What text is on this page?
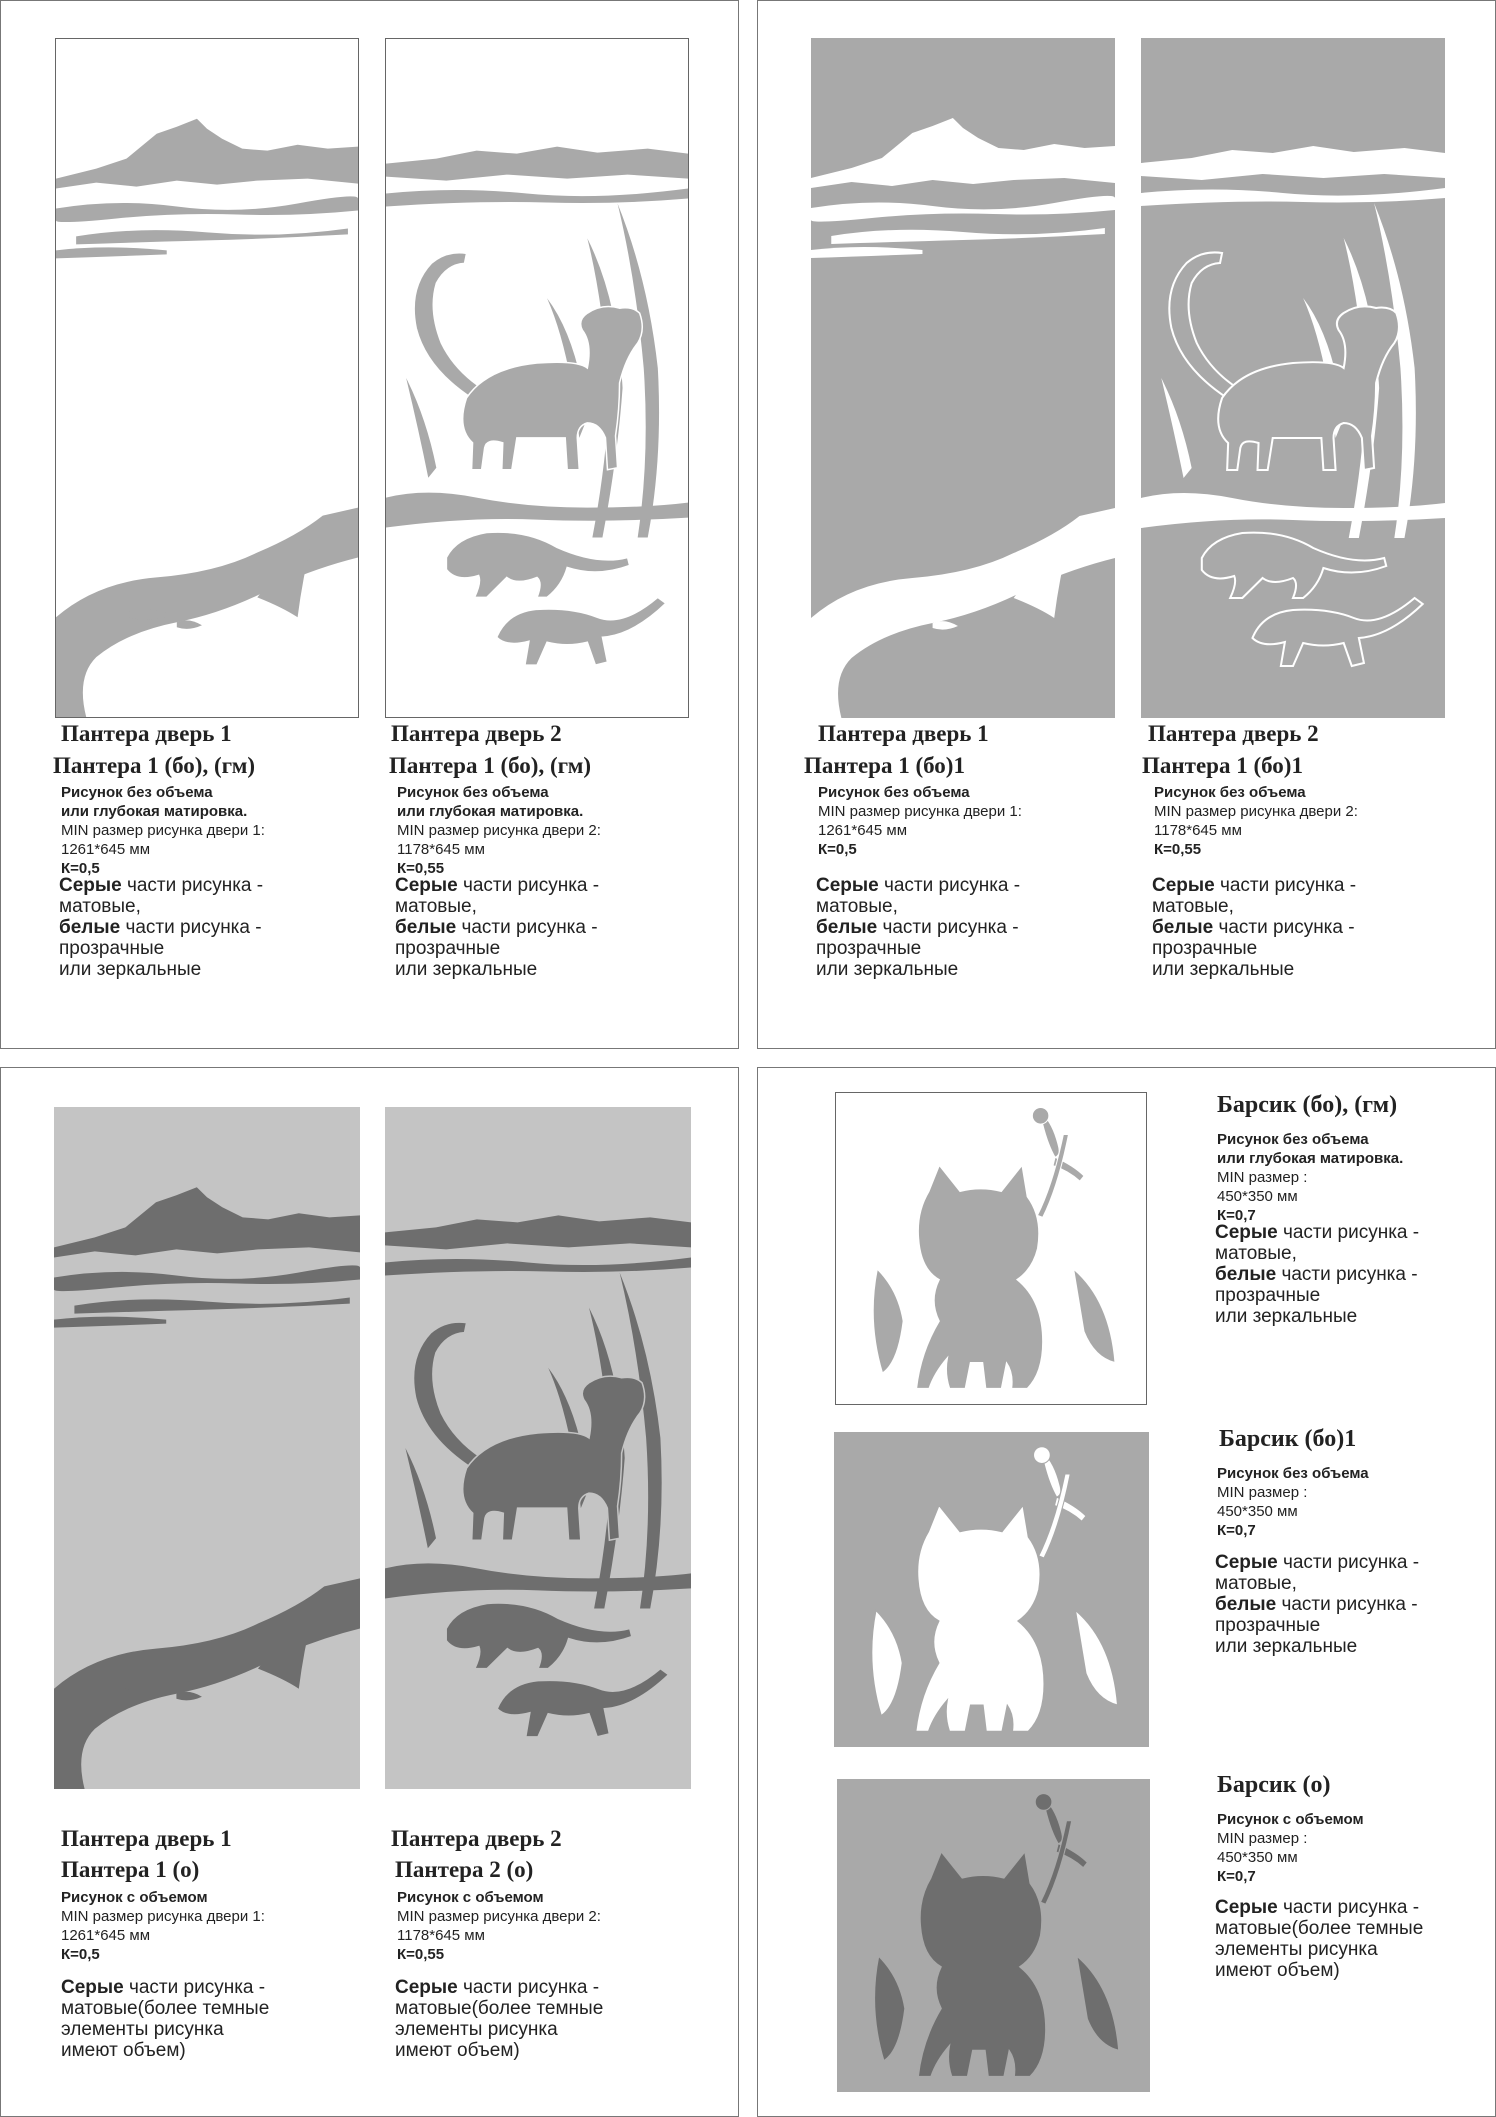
Пантера дверь 1
Пантера 1 (бо), (гм)
Рисунок без объема
или глубокая матировка.
MIN размер рисунка двери 1:
1261*645 мм
К=0,5
Серые части рисунка -
матовые,
белые части рисунка -
прозрачные
или зеркальные
Пантера дверь 2
Пантера 1 (бо), (гм)
Рисунок без объема
или глубокая матировка.
MIN размер рисунка двери 2:
1178*645 мм
К=0,55
Серые части рисунка -
матовые,
белые части рисунка -
прозрачные
или зеркальные
Пантера дверь 1
Пантера 1 (бо)1
Рисунок без объема
MIN размер рисунка двери 1:
1261*645 мм
К=0,5
Серые части рисунка -
матовые,
белые части рисунка -
прозрачные
или зеркальные
Пантера дверь 2
Пантера 1 (бо)1
Рисунок без объема
MIN размер рисунка двери 2:
1178*645 мм
К=0,55
Серые части рисунка -
матовые,
белые части рисунка -
прозрачные
или зеркальные
Пантера дверь 1
Пантера 1 (о)
Рисунок с объемом
MIN размер рисунка двери 1:
1261*645 мм
К=0,5
Серые части рисунка -
матовые(более темные
элементы рисунка
имеют объем)
Пантера дверь 2
Пантера 2 (о)
Рисунок с объемом
MIN размер рисунка двери 2:
1178*645 мм
К=0,55
Серые части рисунка -
матовые(более темные
элементы рисунка
имеют объем)
Барсик (бо), (гм)
Рисунок без объема
или глубокая матировка.
MIN размер :
450*350 мм
К=0,7
Серые части рисунка -
матовые,
белые части рисунка -
прозрачные
или зеркальные
Барсик (бо)1
Рисунок без объема
MIN размер :
450*350 мм
К=0,7
Серые части рисунка -
матовые,
белые части рисунка -
прозрачные
или зеркальные
Барсик (о)
Рисунок с объемом
MIN размер :
450*350 мм
К=0,7
Серые части рисунка -
матовые(более темные
элементы рисунка
имеют объем)
